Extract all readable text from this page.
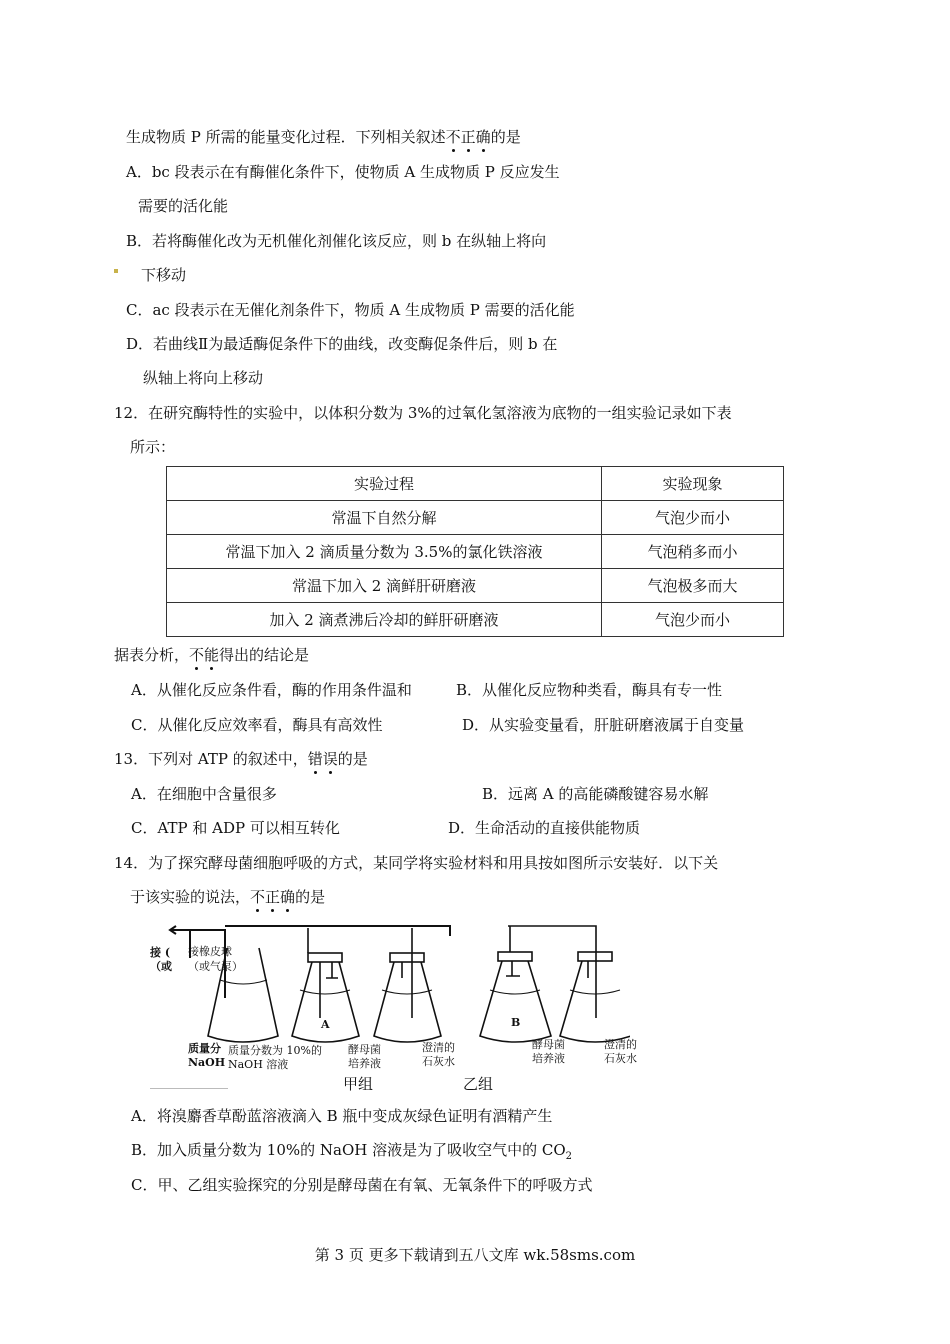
生成物质 P 所需的能量变化过程．下列相关叙述不正确的是
A．bc 段表示在有酶催化条件下，使物质 A 生成物质 P 反应发生
需要的活化能
B．若将酶催化改为无机催化剂催化该反应，则 b 在纵轴上将向
下移动
C．ac 段表示在无催化剂条件下，物质 A 生成物质 P 需要的活化能
D．若曲线Ⅱ为最适酶促条件下的曲线，改变酶促条件后，则 b 在
纵轴上将向上移动
12．在研究酶特性的实验中，以体积分数为 3%的过氧化氢溶液为底物的一组实验记录如下表
所示：
实验过程	实验现象
常温下自然分解	气泡少而小
常温下加入 2 滴质量分数为 3.5%的氯化铁溶液	气泡稍多而小
常温下加入 2 滴鲜肝研磨液	气泡极多而大
加入 2 滴煮沸后冷却的鲜肝研磨液	气泡少而小
据表分析，不能得出的结论是
A．从催化反应条件看，酶的作用条件温和	B．从催化反应物种类看，酶具有专一性
C．从催化反应效率看，酶具有高效性	D．从实验变量看，肝脏研磨液属于自变量
13．下列对 ATP 的叙述中，错误的是
A．在细胞中含量很多	B．远离 A 的高能磷酸键容易水解
C．ATP 和 ADP 可以相互转化	D．生命活动的直接供能物质
14．为了探究酵母菌细胞呼吸的方式，某同学将实验材料和用具按如图所示安装好．以下关
于该实验的说法，不正确的是
接 (
（或
接橡皮球
（或气泵）
A	B
质量分
NaOH
质量分数为 10%的
NaOH 溶液
酵母菌
培养液
澄清的
石灰水
酵母菌
培养液
澄清的
石灰水
甲组	乙组
A．将溴麝香草酚蓝溶液滴入 B 瓶中变成灰绿色证明有酒精产生
B．加入质量分数为 10%的 NaOH 溶液是为了吸收空气中的 $CO_2$
C．甲、乙组实验探究的分别是酵母菌在有氧、无氧条件下的呼吸方式
第 3 页 更多下载请到五八文库 wk.58sms.com
